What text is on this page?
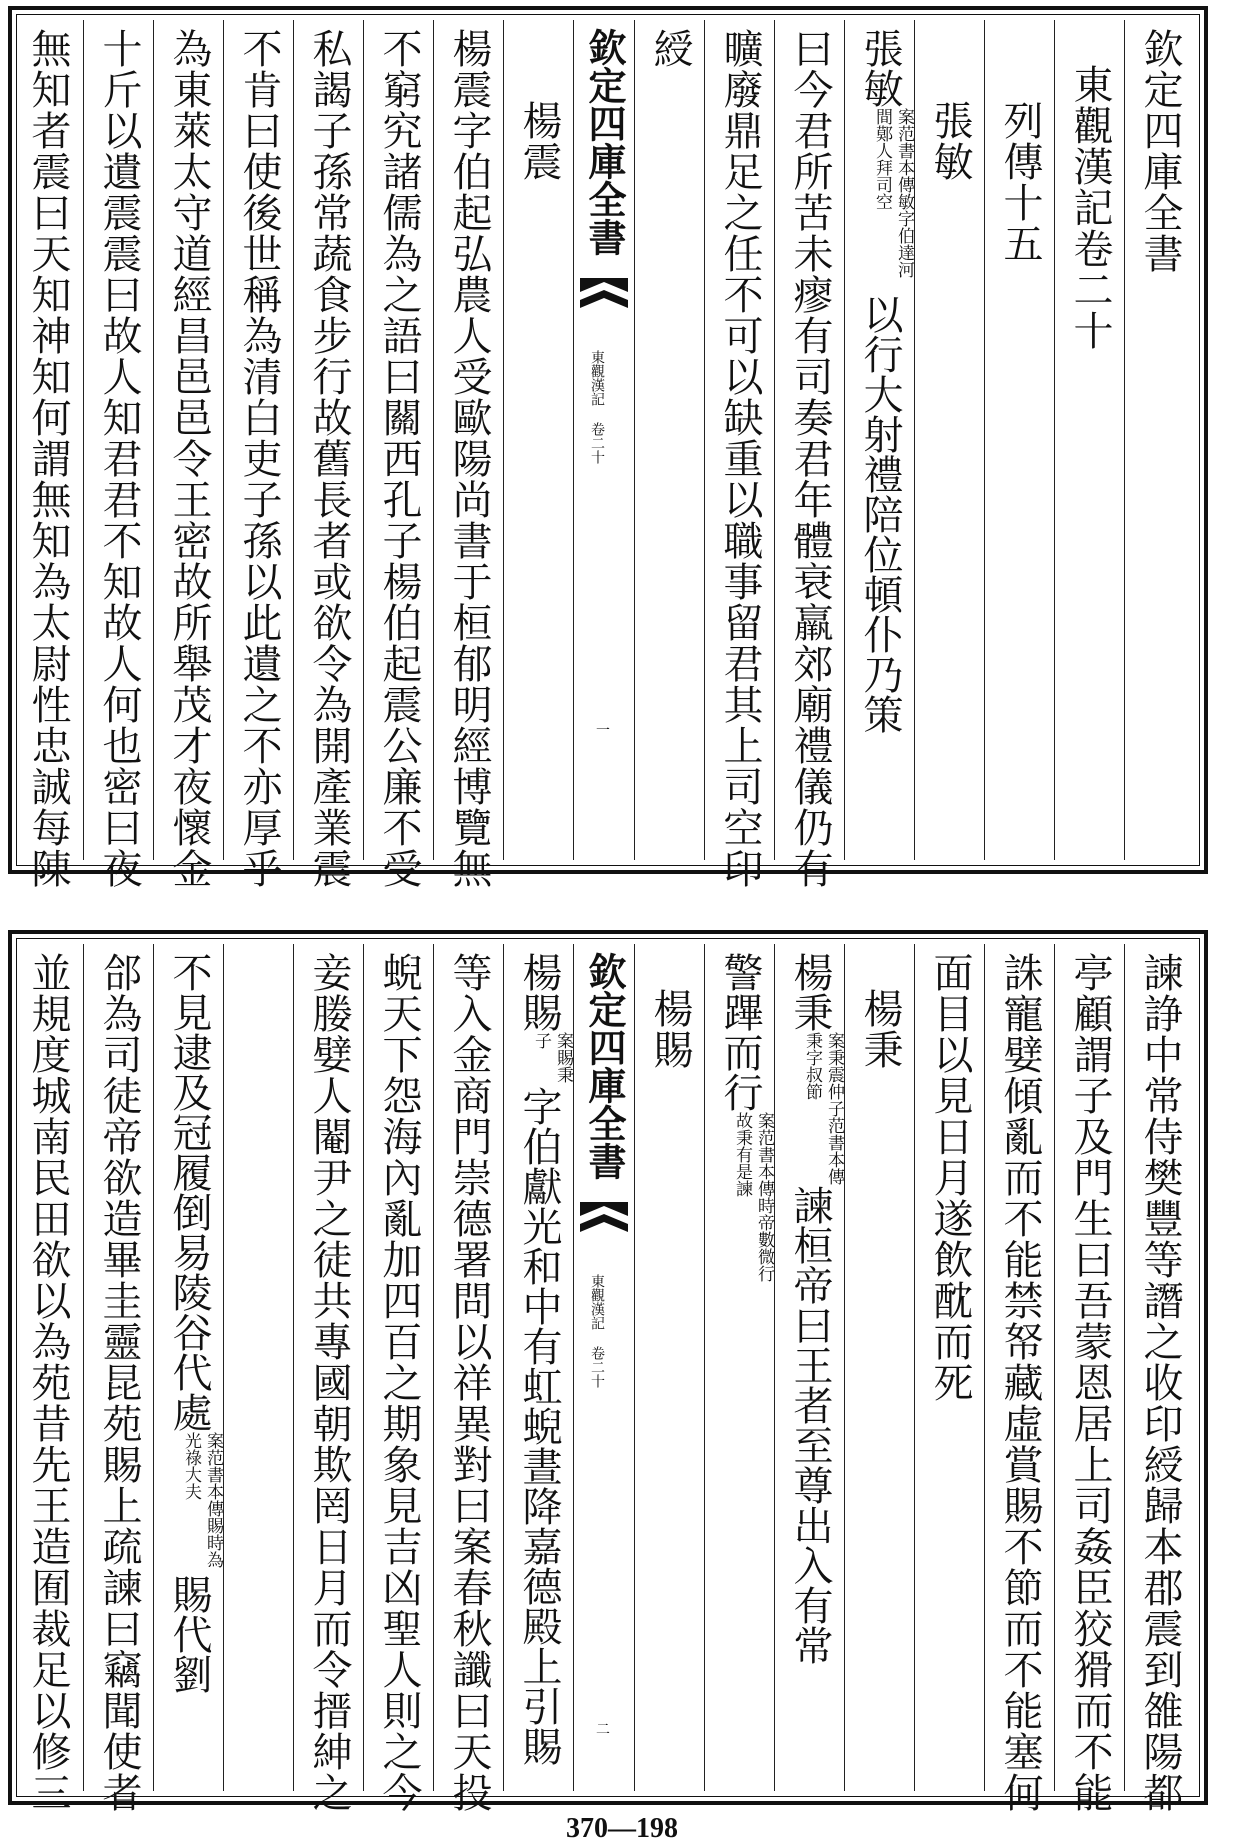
欽定四庫全書
東觀漢記卷二十
列傳十五
張敏
張敏案范書本傳敏字伯達河間鄚人拜司空以行大射禮陪位頓仆乃策
曰今君所苦未瘳有司奏君年體衰羸郊廟禮儀仍有
曠廢鼎足之任不可以缺重以職事留君其上司空印
綬
欽定四庫全書
東觀漢記 卷二十
一
楊震
楊震字伯起弘農人受歐陽尚書于桓郁明經博覽無
不窮究諸儒為之語曰關西孔子楊伯起震公廉不受
私謁子孫常蔬食步行故舊長者或欲令為開產業震
不肯曰使後世稱為清白吏子孫以此遺之不亦厚乎
為東萊太守道經昌邑邑令王密故所舉茂才夜懷金
十斤以遺震震曰故人知君君不知故人何也密曰夜
無知者震曰天知神知何謂無知為太尉性忠誠每陳
諫諍中常侍樊豐等譖之收印綬歸本郡震到雒陽都
亭顧謂子及門生曰吾蒙恩居上司姦臣狡猾而不能
誅寵嬖傾亂而不能禁帑藏虛賞賜不節而不能塞何
面目以見日月遂飲酖而死
楊秉
楊秉案秉震仲子范書本傳秉字叔節諫桓帝曰王者至尊出入有常
警蹕而行案范書本傳時帝數微行故秉有是諫
楊賜
欽定四庫全書
東觀漢記 卷二十
二
楊賜案賜秉子字伯獻光和中有虹蜺晝降嘉德殿上引賜
等入金商門崇德署問以祥異對曰案春秋讖曰天投
蜺天下怨海內亂加四百之期象見吉凶聖人則之今
妾媵嬖人閹尹之徒共專國朝欺罔日月而令搢紳之
不見逮及冠履倒易陵谷代處案范書本傳賜時為光祿大夫賜代劉
郃為司徒帝欲造畢圭靈昆苑賜上疏諫曰竊聞使者
並規度城南民田欲以為苑昔先王造囿裁足以修三
370—198
